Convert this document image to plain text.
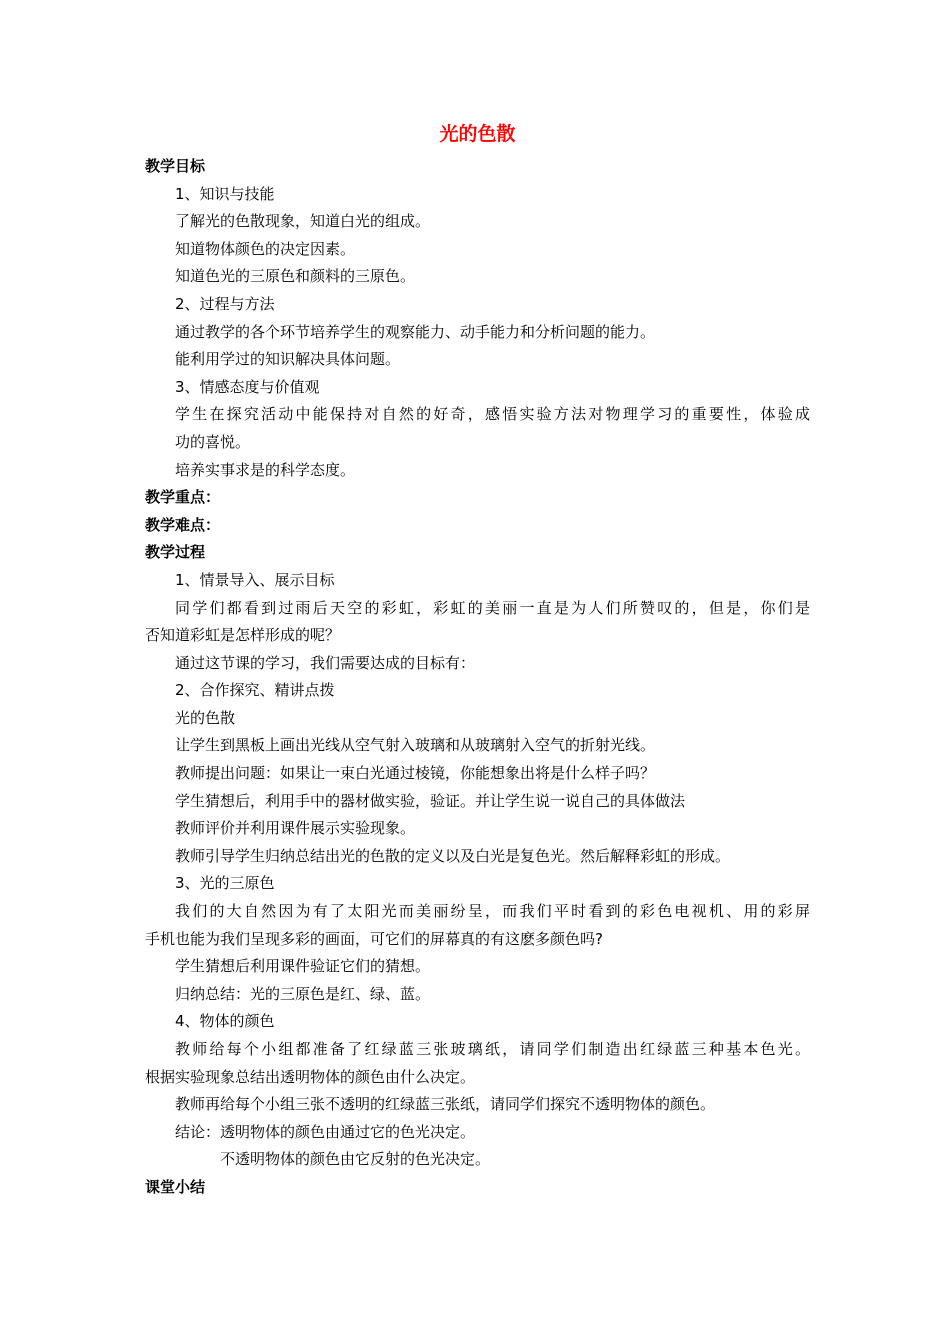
光的色散
教学目标
1、知识与技能
了解光的色散现象，知道白光的组成。
知道物体颜色的决定因素。
知道色光的三原色和颜料的三原色。
2、过程与方法
通过教学的各个环节培养学生的观察能力、动手能力和分析问题的能力。
能利用学过的知识解决具体问题。
3、情感态度与价值观
学生在探究活动中能保持对自然的好奇，感悟实验方法对物理学习的重要性，体验成
功的喜悦。
培养实事求是的科学态度。
教学重点：
教学难点：
教学过程
1、情景导入、展示目标
同学们都看到过雨后天空的彩虹，彩虹的美丽一直是为人们所赞叹的，但是，你们是
否知道彩虹是怎样形成的呢？
通过这节课的学习，我们需要达成的目标有：
2、合作探究、精讲点拨
光的色散
让学生到黑板上画出光线从空气射入玻璃和从玻璃射入空气的折射光线。
教师提出问题：如果让一束白光通过棱镜，你能想象出将是什么样子吗？
学生猜想后，利用手中的器材做实验，验证。并让学生说一说自己的具体做法
教师评价并利用课件展示实验现象。
教师引导学生归纳总结出光的色散的定义以及白光是复色光。然后解释彩虹的形成。
3、光的三原色
我们的大自然因为有了太阳光而美丽纷呈，而我们平时看到的彩色电视机、用的彩屏
手机也能为我们呈现多彩的画面，可它们的屏幕真的有这麽多颜色吗?
学生猜想后利用课件验证它们的猜想。
归纳总结：光的三原色是红、绿、蓝。
4、物体的颜色
教师给每个小组都准备了红绿蓝三张玻璃纸，请同学们制造出红绿蓝三种基本色光。
根据实验现象总结出透明物体的颜色由什么决定。
教师再给每个小组三张不透明的红绿蓝三张纸，请同学们探究不透明物体的颜色。
结论：透明物体的颜色由通过它的色光决定。
不透明物体的颜色由它反射的色光决定。
课堂小结
